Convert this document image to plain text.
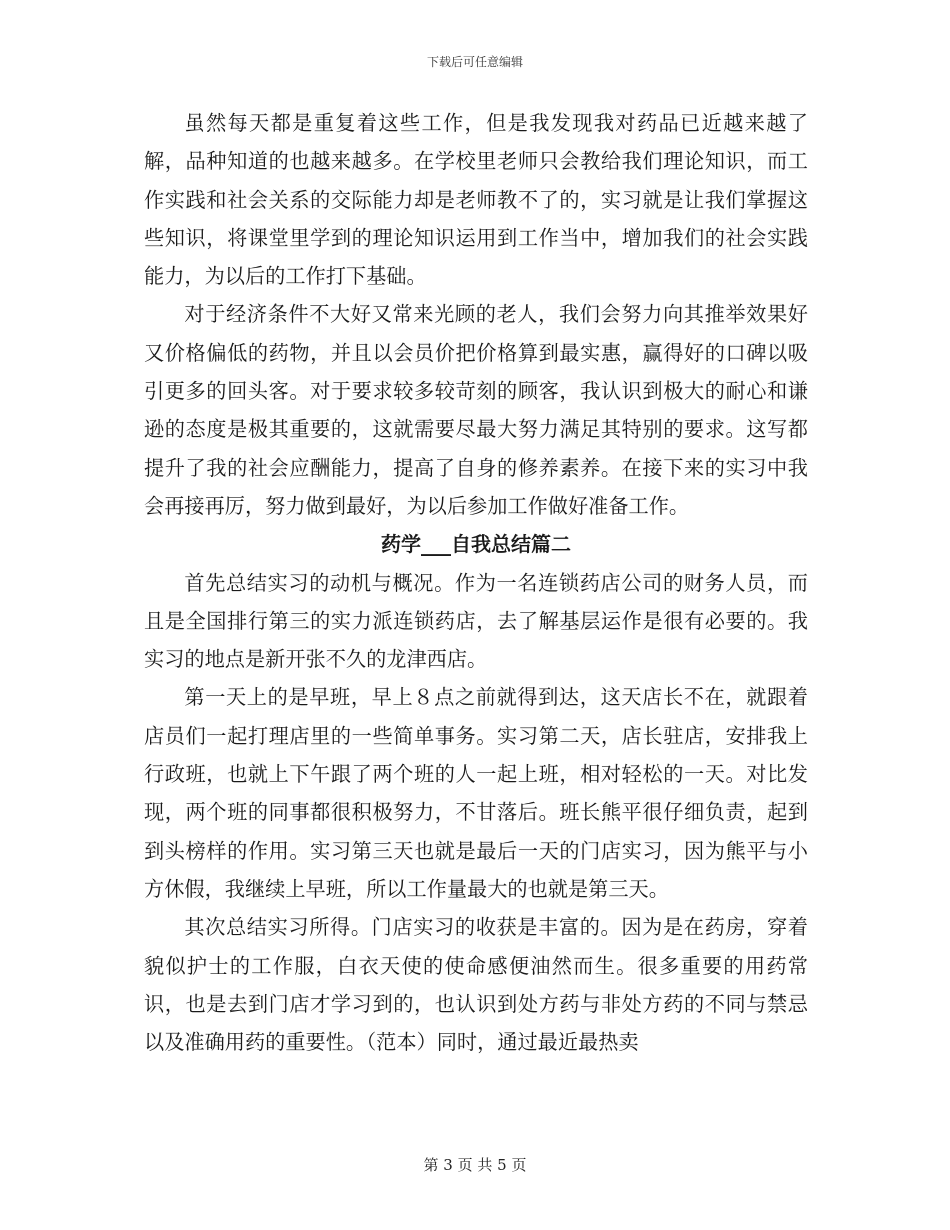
下载后可任意编辑

虽然每天都是重复着这些工作，但是我发现我对药品已近越来越了解，品种知道的也越来越多。在学校里老师只会教给我们理论知识，而工作实践和社会关系的交际能力却是老师教不了的，实习就是让我们掌握这些知识，将课堂里学到的理论知识运用到工作当中，增加我们的社会实践能力，为以后的工作打下基础。

对于经济条件不大好又常来光顾的老人，我们会努力向其推举效果好又价格偏低的药物，并且以会员价把价格算到最实惠，赢得好的口碑以吸引更多的回头客。对于要求较多较苛刻的顾客，我认识到极大的耐心和谦逊的态度是极其重要的，这就需要尽最大努力满足其特别的要求。这写都提升了我的社会应酬能力，提高了自身的修养素养。在接下来的实习中我会再接再厉，努力做到最好，为以后参加工作做好准备工作。

药学___自我总结篇二

首先总结实习的动机与概况。作为一名连锁药店公司的财务人员，而且是全国排行第三的实力派连锁药店，去了解基层运作是很有必要的。我实习的地点是新开张不久的龙津西店。

第一天上的是早班，早上８点之前就得到达，这天店长不在，就跟着店员们一起打理店里的一些简单事务。实习第二天，店长驻店，安排我上行政班，也就上下午跟了两个班的人一起上班，相对轻松的一天。对比发现，两个班的同事都很积极努力，不甘落后。班长熊平很仔细负责，起到到头榜样的作用。实习第三天也就是最后一天的门店实习，因为熊平与小方休假，我继续上早班，所以工作量最大的也就是第三天。

其次总结实习所得。门店实习的收获是丰富的。因为是在药房，穿着貌似护士的工作服，白衣天使的使命感便油然而生。很多重要的用药常识，也是去到门店才学习到的，也认识到处方药与非处方药的不同与禁忌以及准确用药的重要性。（范本）同时，通过最近最热卖

第 3 页 共 5 页
